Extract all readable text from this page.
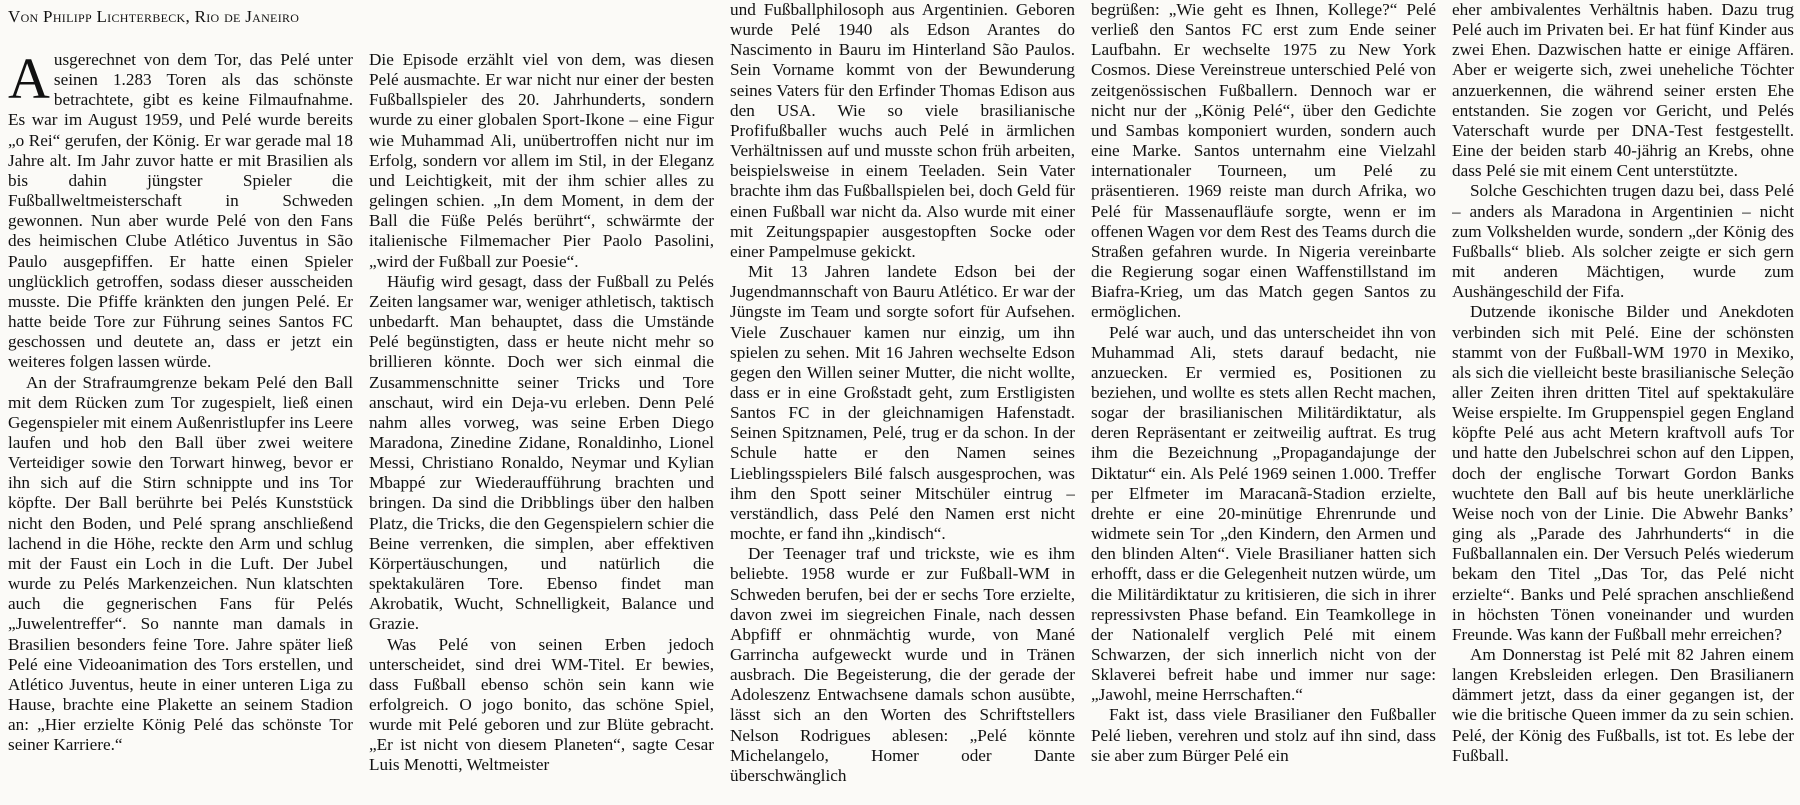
Von Philipp Lichterbeck, Rio de Janeiro

Ausgerechnet von dem Tor, das Pelé unter seinen 1.283 Toren als das schönste betrachtete, gibt es keine Filmaufnahme. Es war im August 1959, und Pelé wurde bereits „o Rei“ gerufen, der König. Er war gerade mal 18 Jahre alt. Im Jahr zuvor hatte er mit Brasilien als bis dahin jüngster Spieler die Fußballweltmeisterschaft in Schweden gewonnen. Nun aber wurde Pelé von den Fans des heimischen Clube Atlético Juventus in São Paulo ausgepfiffen. Er hatte einen Spieler unglücklich getroffen, sodass dieser ausscheiden musste. Die Pfiffe kränkten den jungen Pelé. Er hatte beide Tore zur Führung seines Santos FC geschossen und deutete an, dass er jetzt ein weiteres folgen lassen würde.

An der Strafraumgrenze bekam Pelé den Ball mit dem Rücken zum Tor zugespielt, ließ einen Gegenspieler mit einem Außenristlupfer ins Leere laufen und hob den Ball über zwei weitere Verteidiger sowie den Torwart hinweg, bevor er ihn sich auf die Stirn schnippte und ins Tor köpfte. Der Ball berührte bei Pelés Kunststück nicht den Boden, und Pelé sprang anschließend lachend in die Höhe, reckte den Arm und schlug mit der Faust ein Loch in die Luft. Der Jubel wurde zu Pelés Markenzeichen. Nun klatschten auch die gegnerischen Fans für Pelés „Juwelentreffer“. So nannte man damals in Brasilien besonders feine Tore. Jahre später ließ Pelé eine Videoanimation des Tors erstellen, und Atlético Juventus, heute in einer unteren Liga zu Hause, brachte eine Plakette an seinem Stadion an: „Hier erzielte König Pelé das schönste Tor seiner Karriere.“

Die Episode erzählt viel von dem, was diesen Pelé ausmachte. Er war nicht nur einer der besten Fußballspieler des 20. Jahrhunderts, sondern wurde zu einer globalen Sport-Ikone – eine Figur wie Muhammad Ali, unübertroffen nicht nur im Erfolg, sondern vor allem im Stil, in der Eleganz und Leichtigkeit, mit der ihm schier alles zu gelingen schien. „In dem Moment, in dem der Ball die Füße Pelés berührt“, schwärmte der italienische Filmemacher Pier Paolo Pasolini, „wird der Fußball zur Poesie“.

Häufig wird gesagt, dass der Fußball zu Pelés Zeiten langsamer war, weniger athletisch, taktisch unbedarft. Man behauptet, dass die Umstände Pelé begünstigten, dass er heute nicht mehr so brillieren könnte. Doch wer sich einmal die Zusammenschnitte seiner Tricks und Tore anschaut, wird ein Deja-vu erleben. Denn Pelé nahm alles vorweg, was seine Erben Diego Maradona, Zinedine Zidane, Ronaldinho, Lionel Messi, Christiano Ronaldo, Neymar und Kylian Mbappé zur Wiederaufführung brachten und bringen. Da sind die Dribblings über den halben Platz, die Tricks, die den Gegenspielern schier die Beine verrenken, die simplen, aber effektiven Körpertäuschungen, und natürlich die spektakulären Tore. Ebenso findet man Akrobatik, Wucht, Schnelligkeit, Balance und Grazie.

Was Pelé von seinen Erben jedoch unterscheidet, sind drei WM-Titel. Er bewies, dass Fußball ebenso schön sein kann wie erfolgreich. O jogo bonito, das schöne Spiel, wurde mit Pelé geboren und zur Blüte gebracht. „Er ist nicht von diesem Planeten“, sagte Cesar Luis Menotti, Weltmeister

und Fußballphilosoph aus Argentinien. Geboren wurde Pelé 1940 als Edson Arantes do Nascimento in Bauru im Hinterland São Paulos. Sein Vorname kommt von der Bewunderung seines Vaters für den Erfinder Thomas Edison aus den USA. Wie so viele brasilianische Profifußballer wuchs auch Pelé in ärmlichen Verhältnissen auf und musste schon früh arbeiten, beispielsweise in einem Teeladen. Sein Vater brachte ihm das Fußballspielen bei, doch Geld für einen Fußball war nicht da. Also wurde mit einer mit Zeitungspapier ausgestopften Socke oder einer Pampelmuse gekickt.

Mit 13 Jahren landete Edson bei der Jugendmannschaft von Bauru Atlético. Er war der Jüngste im Team und sorgte sofort für Aufsehen. Viele Zuschauer kamen nur einzig, um ihn spielen zu sehen. Mit 16 Jahren wechselte Edson gegen den Willen seiner Mutter, die nicht wollte, dass er in eine Großstadt geht, zum Erstligisten Santos FC in der gleichnamigen Hafenstadt. Seinen Spitznamen, Pelé, trug er da schon. In der Schule hatte er den Namen seines Lieblingsspielers Bilé falsch ausgesprochen, was ihm den Spott seiner Mitschüler eintrug –verständlich, dass Pelé den Namen erst nicht mochte, er fand ihn „kindisch“.

Der Teenager traf und trickste, wie es ihm beliebte. 1958 wurde er zur Fußball-WM in Schweden berufen, bei der er sechs Tore erzielte, davon zwei im siegreichen Finale, nach dessen Abpfiff er ohnmächtig wurde, von Mané Garrincha aufgeweckt wurde und in Tränen ausbrach. Die Begeisterung, die der gerade der Adoleszenz Entwachsene damals schon ausübte, lässt sich an den Worten des Schriftstellers Nelson Rodrigues ablesen: „Pelé könnte Michelangelo, Homer oder Dante überschwänglich

begrüßen: „Wie geht es Ihnen, Kollege?“ Pelé verließ den Santos FC erst zum Ende seiner Laufbahn. Er wechselte 1975 zu New York Cosmos. Diese Vereinstreue unterschied Pelé von zeitgenössischen Fußballern. Dennoch war er nicht nur der „König Pelé“, über den Gedichte und Sambas komponiert wurden, sondern auch eine Marke. Santos unternahm eine Vielzahl internationaler Tourneen, um Pelé zu präsentieren. 1969 reiste man durch Afrika, wo Pelé für Massenaufläufe sorgte, wenn er im offenen Wagen vor dem Rest des Teams durch die Straßen gefahren wurde. In Nigeria vereinbarte die Regierung sogar einen Waffenstillstand im Biafra-Krieg, um das Match gegen Santos zu ermöglichen.

Pelé war auch, und das unterscheidet ihn von Muhammad Ali, stets darauf bedacht, nie anzuecken. Er vermied es, Positionen zu beziehen, und wollte es stets allen Recht machen, sogar der brasilianischen Militärdiktatur, als deren Repräsentant er zeitweilig auftrat. Es trug ihm die Bezeichnung „Propagandajunge der Diktatur“ ein. Als Pelé 1969 seinen 1.000. Treffer per Elfmeter im Maracanã-Stadion erzielte, drehte er eine 20-minütige Ehrenrunde und widmete sein Tor „den Kindern, den Armen und den blinden Alten“. Viele Brasilianer hatten sich erhofft, dass er die Gelegenheit nutzen würde, um die Militärdiktatur zu kritisieren, die sich in ihrer repressivsten Phase befand. Ein Teamkollege in der Nationalelf verglich Pelé mit einem Schwarzen, der sich innerlich nicht von der Sklaverei befreit habe und immer nur sage: „Jawohl, meine Herrschaften.“

Fakt ist, dass viele Brasilianer den Fußballer Pelé lieben, verehren und stolz auf ihn sind, dass sie aber zum Bürger Pelé ein

eher ambivalentes Verhältnis haben. Dazu trug Pelé auch im Privaten bei. Er hat fünf Kinder aus zwei Ehen. Dazwischen hatte er einige Affären. Aber er weigerte sich, zwei uneheliche Töchter anzuerkennen, die während seiner ersten Ehe entstanden. Sie zogen vor Gericht, und Pelés Vaterschaft wurde per DNA-Test festgestellt. Eine der beiden starb 40-jährig an Krebs, ohne dass Pelé sie mit einem Cent unterstützte.

Solche Geschichten trugen dazu bei, dass Pelé – anders als Maradona in Argentinien – nicht zum Volkshelden wurde, sondern „der König des Fußballs“ blieb. Als solcher zeigte er sich gern mit anderen Mächtigen, wurde zum Aushängeschild der Fifa.

Dutzende ikonische Bilder und Anekdoten verbinden sich mit Pelé. Eine der schönsten stammt von der Fußball-WM 1970 in Mexiko, als sich die vielleicht beste brasilianische Seleção aller Zeiten ihren dritten Titel auf spektakuläre Weise erspielte. Im Gruppenspiel gegen England köpfte Pelé aus acht Metern kraftvoll aufs Tor und hatte den Jubelschrei schon auf den Lippen, doch der englische Torwart Gordon Banks wuchtete den Ball auf bis heute unerklärliche Weise noch von der Linie. Die Abwehr Banks’ ging als „Parade des Jahrhunderts“ in die Fußballannalen ein. Der Versuch Pelés wiederum bekam den Titel „Das Tor, das Pelé nicht erzielte“. Banks und Pelé sprachen anschließend in höchsten Tönen voneinander und wurden Freunde. Was kann der Fußball mehr erreichen?

Am Donnerstag ist Pelé mit 82 Jahren einem langen Krebsleiden erlegen. Den Brasilianern dämmert jetzt, dass da einer gegangen ist, der wie die britische Queen immer da zu sein schien. Pelé, der König des Fußballs, ist tot. Es lebe der Fußball.
